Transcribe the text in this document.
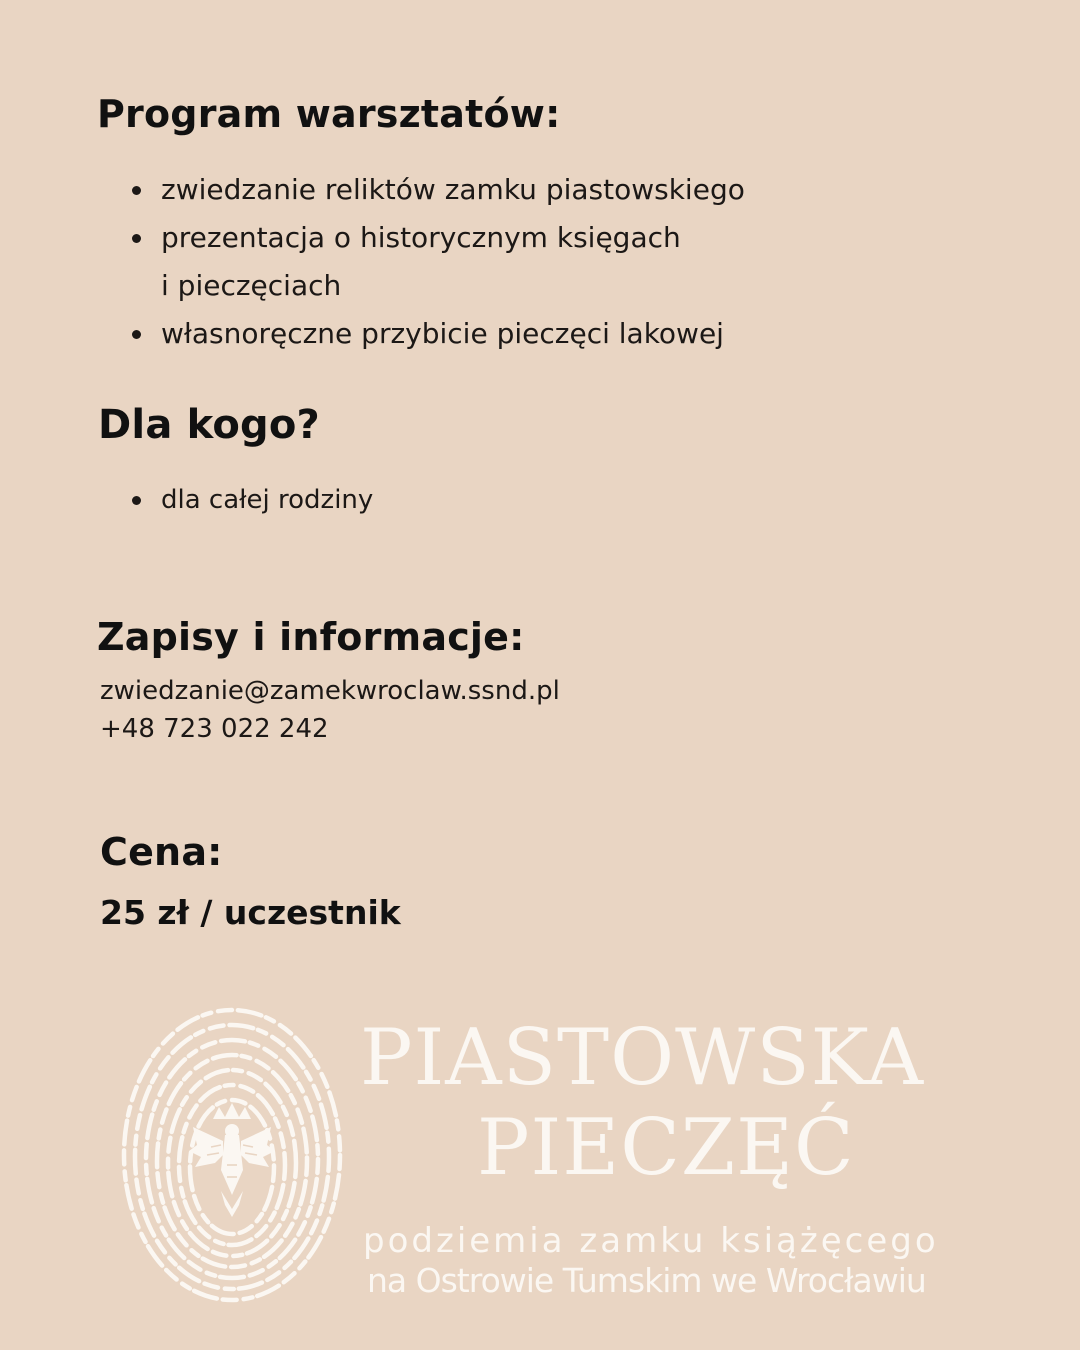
Program warsztatów:
zwiedzanie reliktów zamku piastowskiego
prezentacja o historycznym księgach
i pieczęciach
własnoręczne przybicie pieczęci lakowej
Dla kogo?
dla całej rodziny
Zapisy i informacje:

zwiedzanie@zamekwroclaw.ssnd.pl

+48 723 022 242

Cena:

25 zł / uczestnik

PIASTOWSKA
PIECZĘĆ
podziemia zamku książęcego
na Ostrowie Tumskim we Wrocławiu
